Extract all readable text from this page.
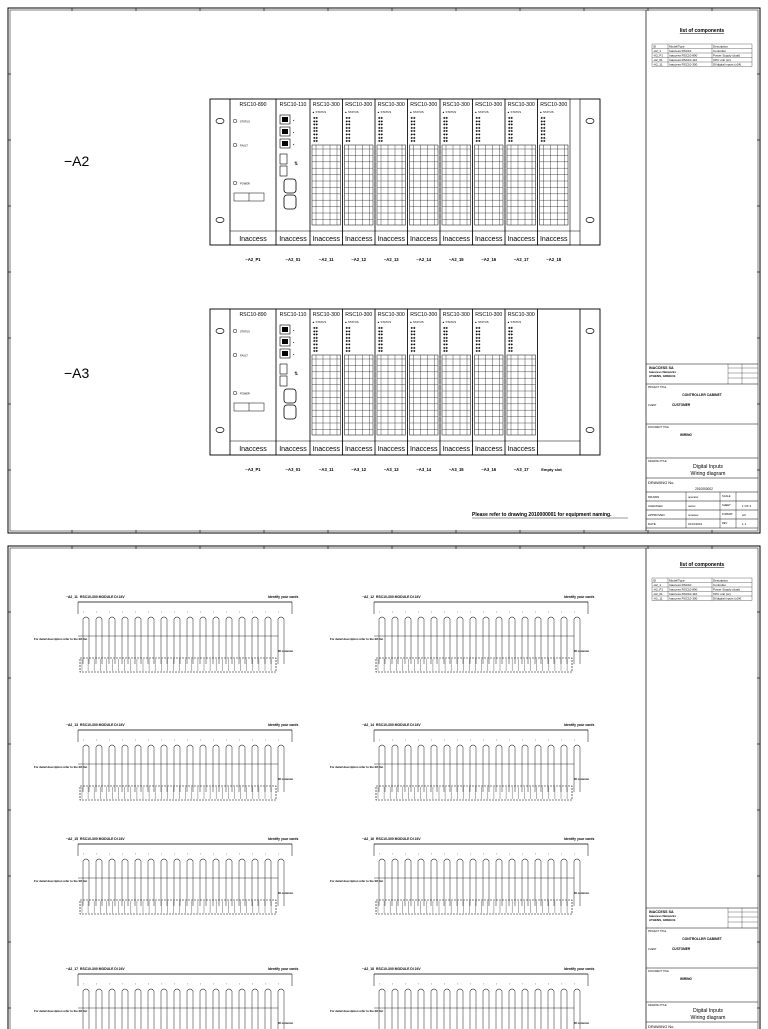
−A2
STATUS
FAULT
POWER
●
●
●
⇅
▲ STATUS
✱✱
✱✱
✱✱
✱✱
✱✱
✱✱
✱✱
✱✱
▲ STATUS
✱✱
✱✱
✱✱
✱✱
✱✱
✱✱
✱✱
✱✱
▲ STATUS
✱✱
✱✱
✱✱
✱✱
✱✱
✱✱
✱✱
✱✱
▲ STATUS
✱✱
✱✱
✱✱
✱✱
✱✱
✱✱
✱✱
✱✱
▲ STATUS
✱✱
✱✱
✱✱
✱✱
✱✱
✱✱
✱✱
✱✱
▲ STATUS
✱✱
✱✱
✱✱
✱✱
✱✱
✱✱
✱✱
✱✱
▲ STATUS
✱✱
✱✱
✱✱
✱✱
✱✱
✱✱
✱✱
✱✱
▲ STATUS
✱✱
✱✱
✱✱
✱✱
✱✱
✱✱
✱✱
✱✱
RSC10-890
Inaccess
RSC10-110
Inaccess
RSC10-300
Inaccess
RSC10-300
Inaccess
RSC10-300
Inaccess
RSC10-300
Inaccess
RSC10-300
Inaccess
RSC10-300
Inaccess
RSC10-300
Inaccess
RSC10-300
Inaccess
−A2_P1	−A2_01	−A2_11	−A2_12	−A2_13	−A2_14	−A2_15	−A2_16	−A2_17	−A2_18
−A3
STATUS
FAULT
POWER
●
●
●
⇅
▲ STATUS
✱✱
✱✱
✱✱
✱✱
✱✱
✱✱
✱✱
✱✱
▲ STATUS
✱✱
✱✱
✱✱
✱✱
✱✱
✱✱
✱✱
✱✱
▲ STATUS
✱✱
✱✱
✱✱
✱✱
✱✱
✱✱
✱✱
✱✱
▲ STATUS
✱✱
✱✱
✱✱
✱✱
✱✱
✱✱
✱✱
✱✱
▲ STATUS
✱✱
✱✱
✱✱
✱✱
✱✱
✱✱
✱✱
✱✱
▲ STATUS
✱✱
✱✱
✱✱
✱✱
✱✱
✱✱
✱✱
✱✱
▲ STATUS
✱✱
✱✱
✱✱
✱✱
✱✱
✱✱
✱✱
✱✱
RSC10-890
Inaccess
RSC10-110
Inaccess
RSC10-300
Inaccess
RSC10-300
Inaccess
RSC10-300
Inaccess
RSC10-300
Inaccess
RSC10-300
Inaccess
RSC10-300
Inaccess
RSC10-300
Inaccess
−A3_P1	−A3_01	−A3_11	−A3_12	−A3_13	−A3_14	−A3_15	−A3_16	−A3_17	Empty slot
Please refer to drawing 2010000001 for equipment naming.
list of components
ID	Model/Type	Description
-A2_1	Inaccess RSC10	Controller
-A2_P1 Inaccess RSC10-890	Power Supply (dual)
-A2_01 Inaccess RSC10-110	CPU unit (cc)
-A2_11 Inaccess RSC10-300	DI/digital inputs (x24)
INACCESS SA
Inaccess Networks
ATHENS, GREECE
PROJECT TITLE
CONTROLLER CABINET
CLIENT	CUSTOMER
DOCUMENT TITLE
WIRING
DRAWING TITLE
Digital Inputs
Wiring diagram
DRAWING No.
2010000002
DRAWN	operator	SCALE
CHECKED	owner	SHEET	1 OF 3
APPROVED	reviewer	FORMAT	A3
DATE	01/01/2019	REV	1.1
−A2_11 RSC10-300 MODULE DI 24V	Identify your cards
↑	↑	↑	↑	↑	↑	↑	↑	↑	↑	↑	↑	↑	↑	↑	↑
For detail description refer to the I/O list
DI common
−A2_12 RSC10-300 MODULE DI 24V	Identify your cards
↑	↑	↑	↑	↑	↑	↑	↑	↑	↑	↑	↑	↑	↑	↑	↑
For detail description refer to the I/O list
DI common
−A2_13 RSC10-300 MODULE DI 24V	Identify your cards
↑	↑	↑	↑	↑	↑	↑	↑	↑	↑	↑	↑	↑	↑	↑	↑
For detail description refer to the I/O list
DI common
−A2_14 RSC10-300 MODULE DI 24V	Identify your cards
↑	↑	↑	↑	↑	↑	↑	↑	↑	↑	↑	↑	↑	↑	↑	↑
For detail description refer to the I/O list
DI common
−A2_15 RSC10-300 MODULE DI 24V	Identify your cards
↑	↑	↑	↑	↑	↑	↑	↑	↑	↑	↑	↑	↑	↑	↑	↑
For detail description refer to the I/O list
DI common
−A2_16 RSC10-300 MODULE DI 24V	Identify your cards
↑	↑	↑	↑	↑	↑	↑	↑	↑	↑	↑	↑	↑	↑	↑	↑
For detail description refer to the I/O list
DI common
−A2_17 RSC10-300 MODULE DI 24V	Identify your cards
↑	↑	↑	↑	↑	↑	↑	↑	↑	↑	↑	↑	↑	↑	↑	↑
For detail description refer to the I/O list
DI common
−A2_18 RSC10-300 MODULE DI 24V	Identify your cards
↑	↑	↑	↑	↑	↑	↑	↑	↑	↑	↑	↑	↑	↑	↑	↑
For detail description refer to the I/O list
DI common
list of components
ID	Model/Type	Description
-A2_1	Inaccess RSC10	Controller
-A2_P1 Inaccess RSC10-890	Power Supply (dual)
-A2_01 Inaccess RSC10-110	CPU unit (cc)
-A2_11 Inaccess RSC10-300	DI/digital inputs (x24)
INACCESS SA
Inaccess Networks
ATHENS, GREECE
PROJECT TITLE
CONTROLLER CABINET
CLIENT	CUSTOMER
DOCUMENT TITLE
WIRING
DRAWING TITLE
Digital Inputs
Wiring diagram
DRAWING No.
